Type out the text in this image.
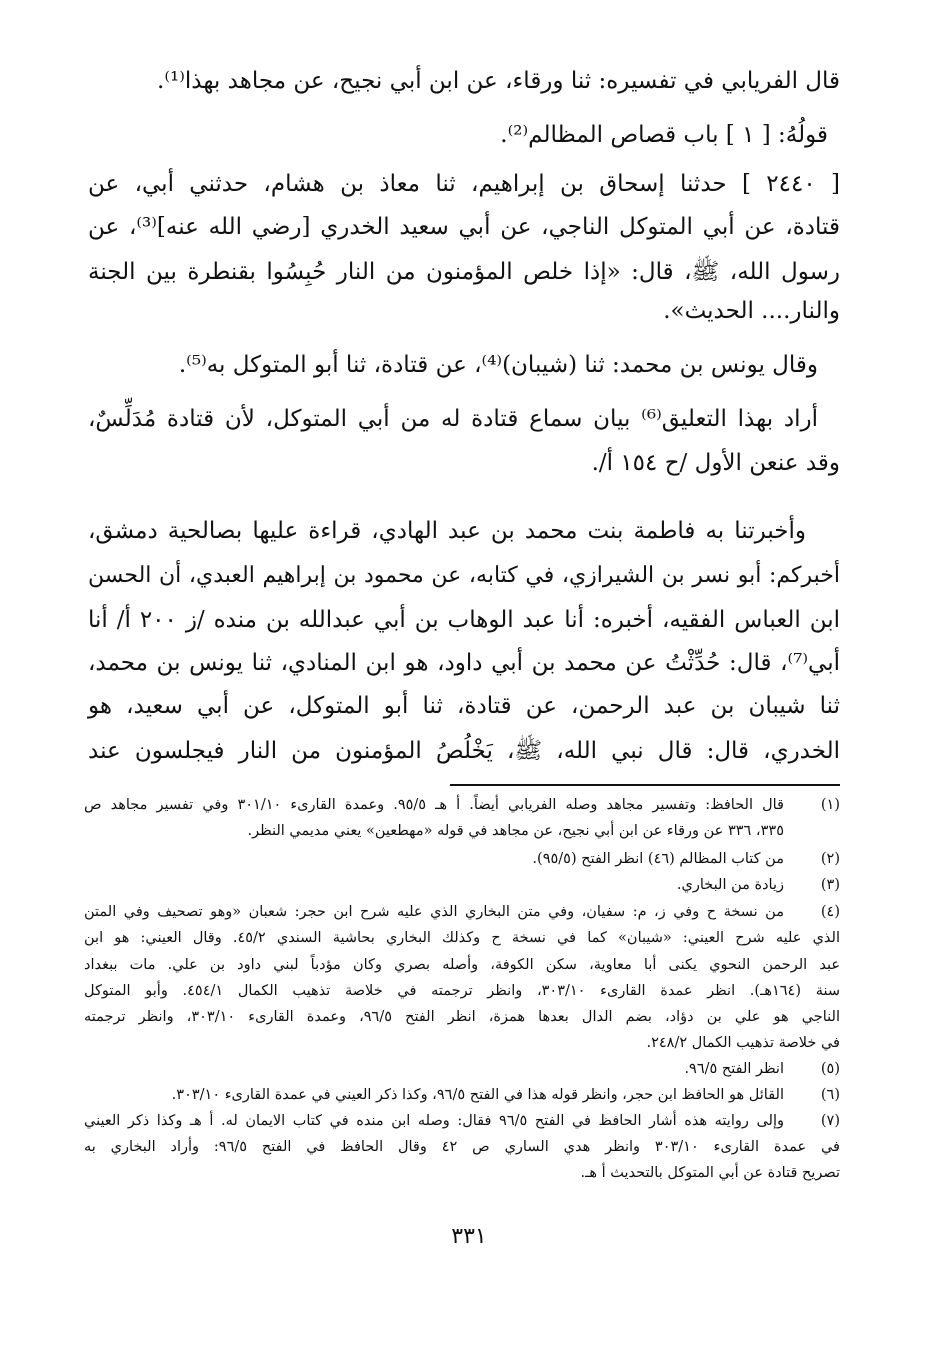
قال الفريابي في تفسيره: ثنا ورقاء، عن ابن أبي نجيح، عن مجاهد بهذا⁽¹⁾.

قولُهُ: [ ١ ] باب قصاص المظالم⁽²⁾.

[ ٢٤٤٠ ] حدثنا إسحاق بن إبراهيم، ثنا معاذ بن هشام، حدثني أبي، عن

قتادة، عن أبي المتوكل الناجي، عن أبي سعيد الخدري [رضي الله عنه]⁽³⁾، عن

رسول الله، ﷺ، قال: «إذا خلص المؤمنون من النار حُبِسُوا بقنطرة بين الجنة

والنار.... الحديث».

وقال يونس بن محمد: ثنا (شيبان)⁽⁴⁾، عن قتادة، ثنا أبو المتوكل به⁽⁵⁾.

أراد بهذا التعليق⁽⁶⁾ بيان سماع قتادة له من أبي المتوكل، لأن قتادة مُدَلِّسٌ،

وقد عنعن الأول /ح ١٥٤ أ/.

وأخبرتنا به فاطمة بنت محمد بن عبد الهادي، قراءة عليها بصالحية دمشق،

أخبركم: أبو نسر بن الشيرازي، في كتابه، عن محمود بن إبراهيم العبدي، أن الحسن

ابن العباس الفقيه، أخبره: أنا عبد الوهاب بن أبي عبدالله بن منده /ز ٢٠٠ أ/ أنا

أبي⁽⁷⁾، قال: حُدِّثْتُ عن محمد بن أبي داود، هو ابن المنادي، ثنا يونس بن محمد،

ثنا شيبان بن عبد الرحمن، عن قتادة، ثنا أبو المتوكل، عن أبي سعيد، هو

الخدري، قال: قال نبي الله، ﷺ، يَخْلُصُ المؤمنون من النار فيجلسون عند

(١)

قال الحافظ: وتفسير مجاهد وصله الفريابي أيضاً. أ هـ ٩٥/٥. وعمدة القارىء ٣٠١/١٠ وفي تفسير مجاهد ص

٣٣٥، ٣٣٦ عن ورقاء عن ابن أبي نجيح، عن مجاهد في قوله «مهطعين» يعني مديمي النظر.

(٢)

من كتاب المظالم (٤٦) انظر الفتح (٩٥/٥).

(٣)

زيادة من البخاري.

(٤)

من نسخة ح وفي ز، م: سفيان، وفي متن البخاري الذي عليه شرح ابن حجر: شعبان «وهو تصحيف وفي المتن

الذي عليه شرح العيني: «شيبان» كما في نسخة ح وكذلك البخاري بحاشية السندي ٤٥/٢. وقال العيني: هو ابن

عبد الرحمن النحوي يكنى أبا معاوية، سكن الكوفة، وأصله بصري وكان مؤدباً لبني داود بن علي. مات ببغداد

سنة (١٦٤هـ). انظر عمدة القارىء ٣٠٣/١٠، وانظر ترجمته في خلاصة تذهيب الكمال ٤٥٤/١. وأبو المتوكل

الناجي هو علي بن دؤاد، بضم الدال بعدها همزة، انظر الفتح ٩٦/٥، وعمدة القارىء ٣٠٣/١٠، وانظر ترجمته

في خلاصة تذهيب الكمال ٢٤٨/٢.

(٥)

انظر الفتح ٩٦/٥.

(٦)

القائل هو الحافظ ابن حجر، وانظر قوله هذا في الفتح ٩٦/٥، وكذا ذكر العيني في عمدة القارىء ٣٠٣/١٠.

(٧)

وإلى روايته هذه أشار الحافظ في الفتح ٩٦/٥ فقال: وصله ابن منده في كتاب الايمان له. أ هـ وكذا ذكر العيني

في عمدة القارىء ٣٠٣/١٠ وانظر هدي الساري ص ٤٢ وقال الحافظ في الفتح ٩٦/٥: وأراد البخاري به

تصريح قتادة عن أبي المتوكل بالتحديث أ هـ.

٣٣١
